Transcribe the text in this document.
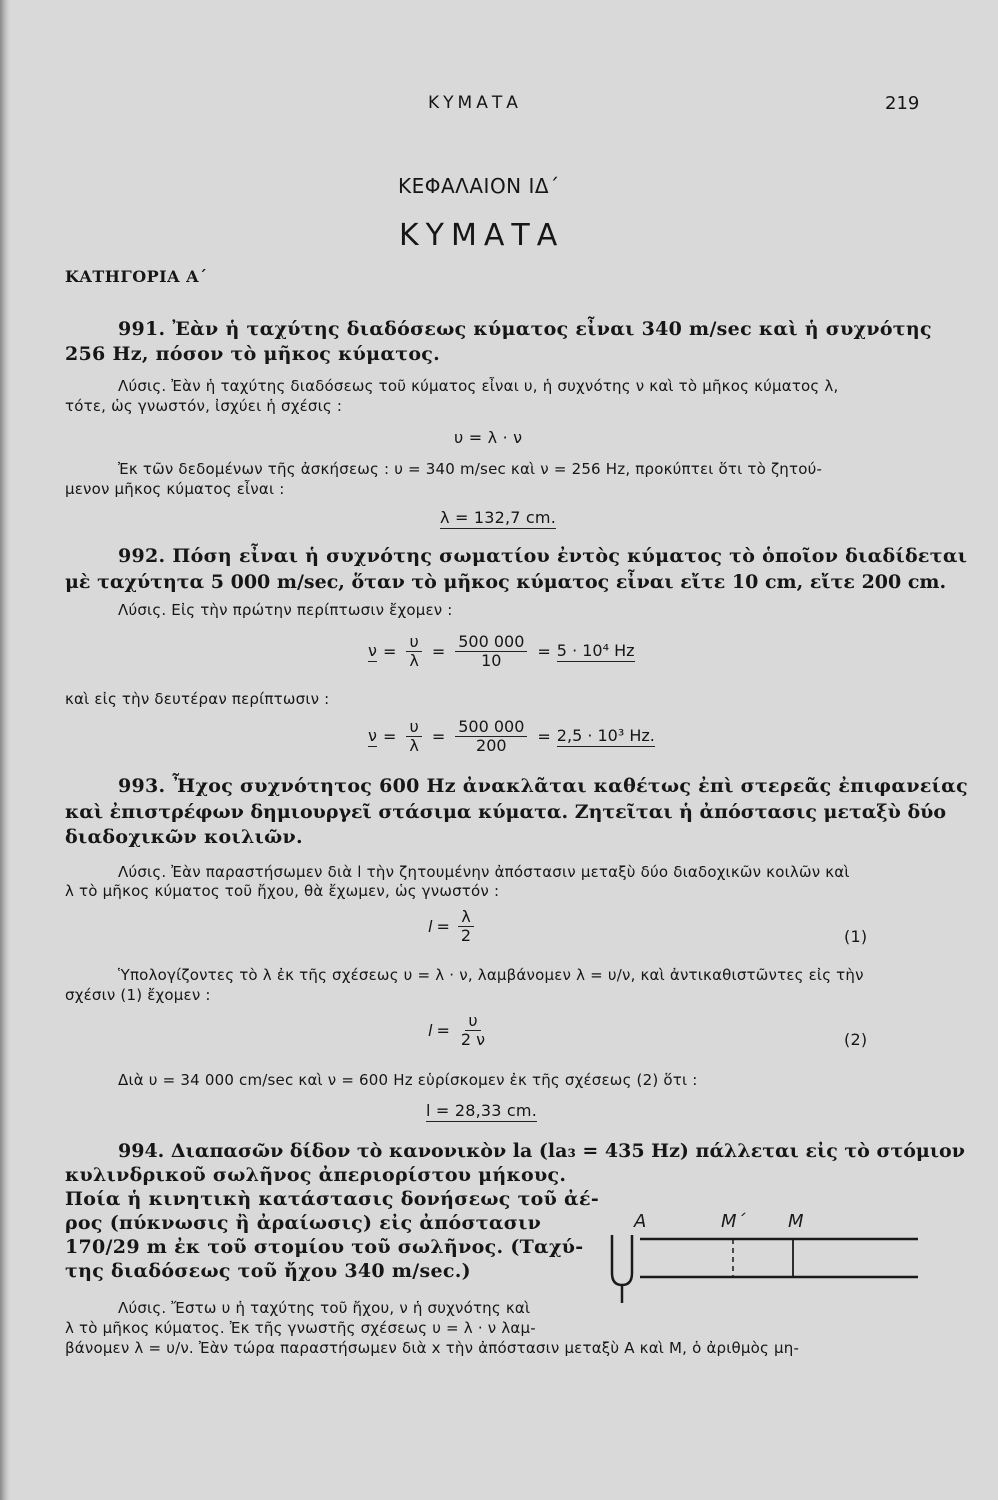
ΚΥΜΑΤΑ	219
ΚΕΦΑΛΑΙΟΝ ΙΔ΄
ΚΥΜΑΤΑ
ΚΑΤΗΓΟΡΙΑ Α΄
991. Ἐὰν ἡ ταχύτης διαδόσεως κύματος εἶναι 340 m/sec καὶ ἡ συχνότης
256 Hz, πόσον τὸ μῆκος κύματος.
Λύσις. Ἐὰν ἡ ταχύτης διαδόσεως τοῦ κύματος εἶναι υ, ἡ συχνότης ν καὶ τὸ μῆκος κύματος λ,
τότε, ὡς γνωστόν, ἰσχύει ἡ σχέσις :
υ = λ · ν
Ἐκ τῶν δεδομένων τῆς ἀσκήσεως : υ = 340 m/sec καὶ ν = 256 Hz, προκύπτει ὅτι τὸ ζητού-
μενον μῆκος κύματος εἶναι :
λ = 132,7 cm.
992. Πόση εἶναι ἡ συχνότης σωματίου ἐντὸς κύματος τὸ ὁποῖον διαδίδεται
μὲ ταχύτητα 5 000 m/sec, ὅταν τὸ μῆκος κύματος εἶναι εἴτε 10 cm, εἴτε 200 cm.
Λύσις. Εἰς τὴν πρώτην περίπτωσιν ἔχομεν :
$\nu = \frac{\upsilon}{\lambda} = \frac{500 000}{10} = 5 \cdot 10^4$ Hz
καὶ εἰς τὴν δευτέραν περίπτωσιν :
$\nu = \frac{\upsilon}{\lambda} = \frac{500 000}{200} = 2,5 \cdot 10^3$ Hz.
993. Ἦχος συχνότητος 600 Hz ἀνακλᾶται καθέτως ἐπὶ στερεᾶς ἐπιφανείας
καὶ ἐπιστρέφων δημιουργεῖ στάσιμα κύματα. Ζητεῖται ἡ ἀπόστασις μεταξὺ δύο
διαδοχικῶν κοιλιῶν.
Λύσις. Ἐὰν παραστήσωμεν διὰ l τὴν ζητουμένην ἀπόστασιν μεταξὺ δύο διαδοχικῶν κοιλῶν καὶ
λ τὸ μῆκος κύματος τοῦ ἤχου, θὰ ἔχωμεν, ὡς γνωστόν :
$l = \frac{\lambda}{2}$	(1)
Ὑπολογίζοντες τὸ λ ἐκ τῆς σχέσεως υ = λ · ν, λαμβάνομεν λ = υ/ν, καὶ ἀντικαθιστῶντες εἰς τὴν
σχέσιν (1) ἔχομεν :
$l = \frac{\upsilon}{2 \nu}$	(2)
Διὰ υ = 34 000 cm/sec καὶ ν = 600 Hz εὑρίσκομεν ἐκ τῆς σχέσεως (2) ὅτι :
l = 28,33 cm.
994. Διαπασῶν δίδον τὸ κανονικὸν la (la₃ = 435 Hz) πάλλεται εἰς τὸ στόμιον
κυλινδρικοῦ σωλῆνος ἀπεριορίστου μήκους.
Ποία ἡ κινητικὴ κατάστασις δονήσεως τοῦ ἀέ-
ρος (πύκνωσις ἢ ἀραίωσις) εἰς ἀπόστασιν
170/29 m ἐκ τοῦ στομίου τοῦ σωλῆνος. (Ταχύ-
της διαδόσεως τοῦ ἤχου 340 m/sec.)
Λύσις. Ἔστω υ ἡ ταχύτης τοῦ ἤχου, ν ἡ συχνότης καὶ
λ τὸ μῆκος κύματος. Ἐκ τῆς γνωστῆς σχέσεως υ = λ · ν λαμ-
βάνομεν λ = υ/ν. Ἐὰν τώρα παραστήσωμεν διὰ x τὴν ἀπόστασιν μεταξὺ Α καὶ Μ, ὁ ἀριθμὸς μη-
A	M΄ M
